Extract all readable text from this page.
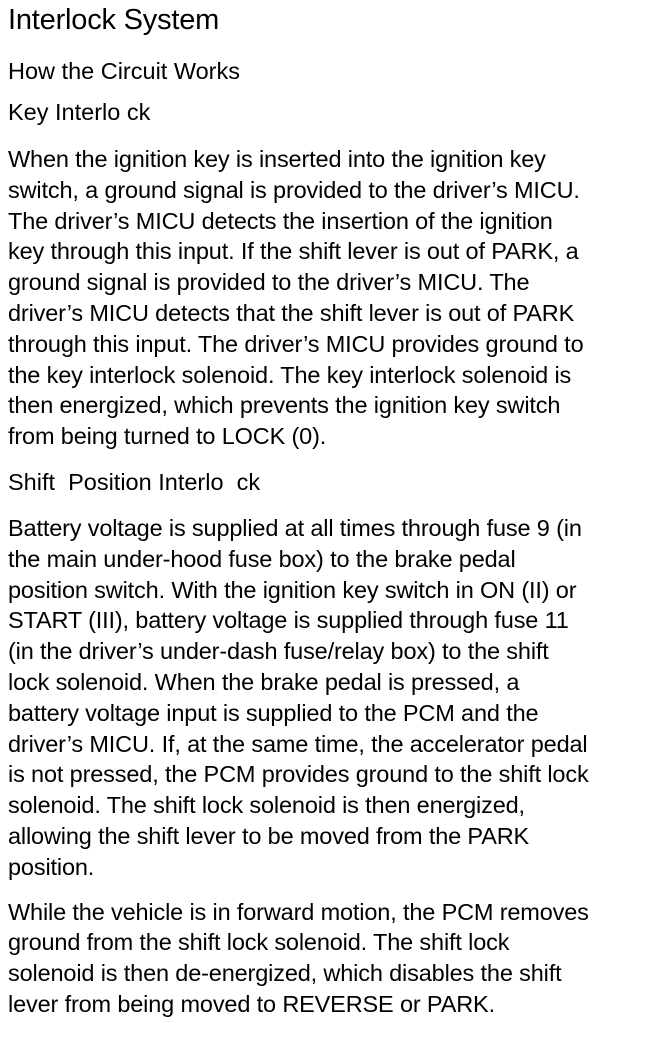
Interlock System
How the Circuit Works
Key Interlo ck

When the ignition key is inserted into the ignition key
switch, a ground signal is provided to the driver’s MICU.
The driver’s MICU detects the insertion of the ignition
key through this input. If the shift lever is out of PARK, a
ground signal is provided to the driver’s MICU. The
driver’s MICU detects that the shift lever is out of PARK
through this input. The driver’s MICU provides ground to
the key interlock solenoid. The key interlock solenoid is
then energized, which prevents the ignition key switch
from being turned to LOCK (0).

Shift  Position Interlo  ck

Battery voltage is supplied at all times through fuse 9 (in
the main under-hood fuse box) to the brake pedal
position switch. With the ignition key switch in ON (II) or
START (III), battery voltage is supplied through fuse 11
(in the driver’s under-dash fuse/relay box) to the shift
lock solenoid. When the brake pedal is pressed, a
battery voltage input is supplied to the PCM and the
driver’s MICU. If, at the same time, the accelerator pedal
is not pressed, the PCM provides ground to the shift lock
solenoid. The shift lock solenoid is then energized,
allowing the shift lever to be moved from the PARK
position.

While the vehicle is in forward motion, the PCM removes
ground from the shift lock solenoid. The shift lock
solenoid is then de-energized, which disables the shift
lever from being moved to REVERSE or PARK.
